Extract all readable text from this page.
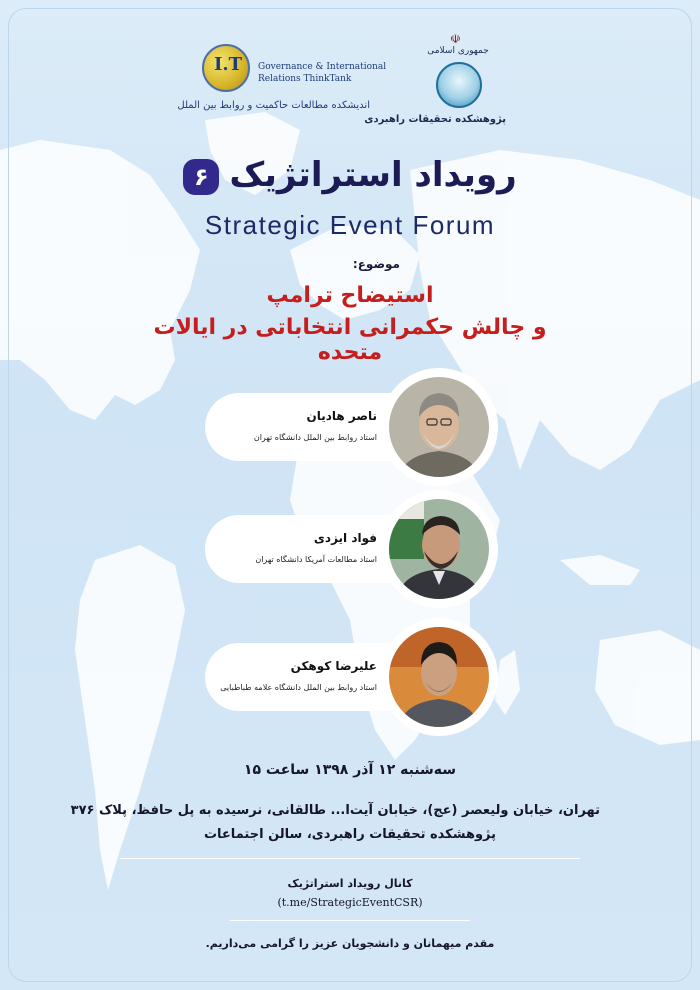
I.T	Governance & International
Relations ThinkTank
اندیشکده مطالعات حاکمیت و روابط بین الملل
☫
جمهوری اسلامی
پژوهشکده تحقیقات راهبردی
رویداد استراتژیک۶
Strategic Event Forum
موضوع:
استیضاح ترامپ
و چالش حکمرانی انتخاباتی در ایالات متحده
ناصر هادیان
استاد روابط بین الملل دانشگاه تهران
فواد ایزدی
استاد مطالعات آمریکا دانشگاه تهران
علیرضا کوهکن
استاد روابط بین الملل دانشگاه علامه طباطبایی
سه‌شنبه ۱۲ آذر ۱۳۹۸ ساعت ۱۵
تهران، خیابان ولیعصر (عج)، خیابان آیت‌ا... طالقانی، نرسیده به پل حافظ، پلاک ۳۷۶
پژوهشکده تحقیقات راهبردی، سالن اجتماعات
کانال رویداد استراتژیک
(t.me/StrategicEventCSR)
مقدم میهمانان و دانشجویان عزیز را گرامی می‌داریم.
